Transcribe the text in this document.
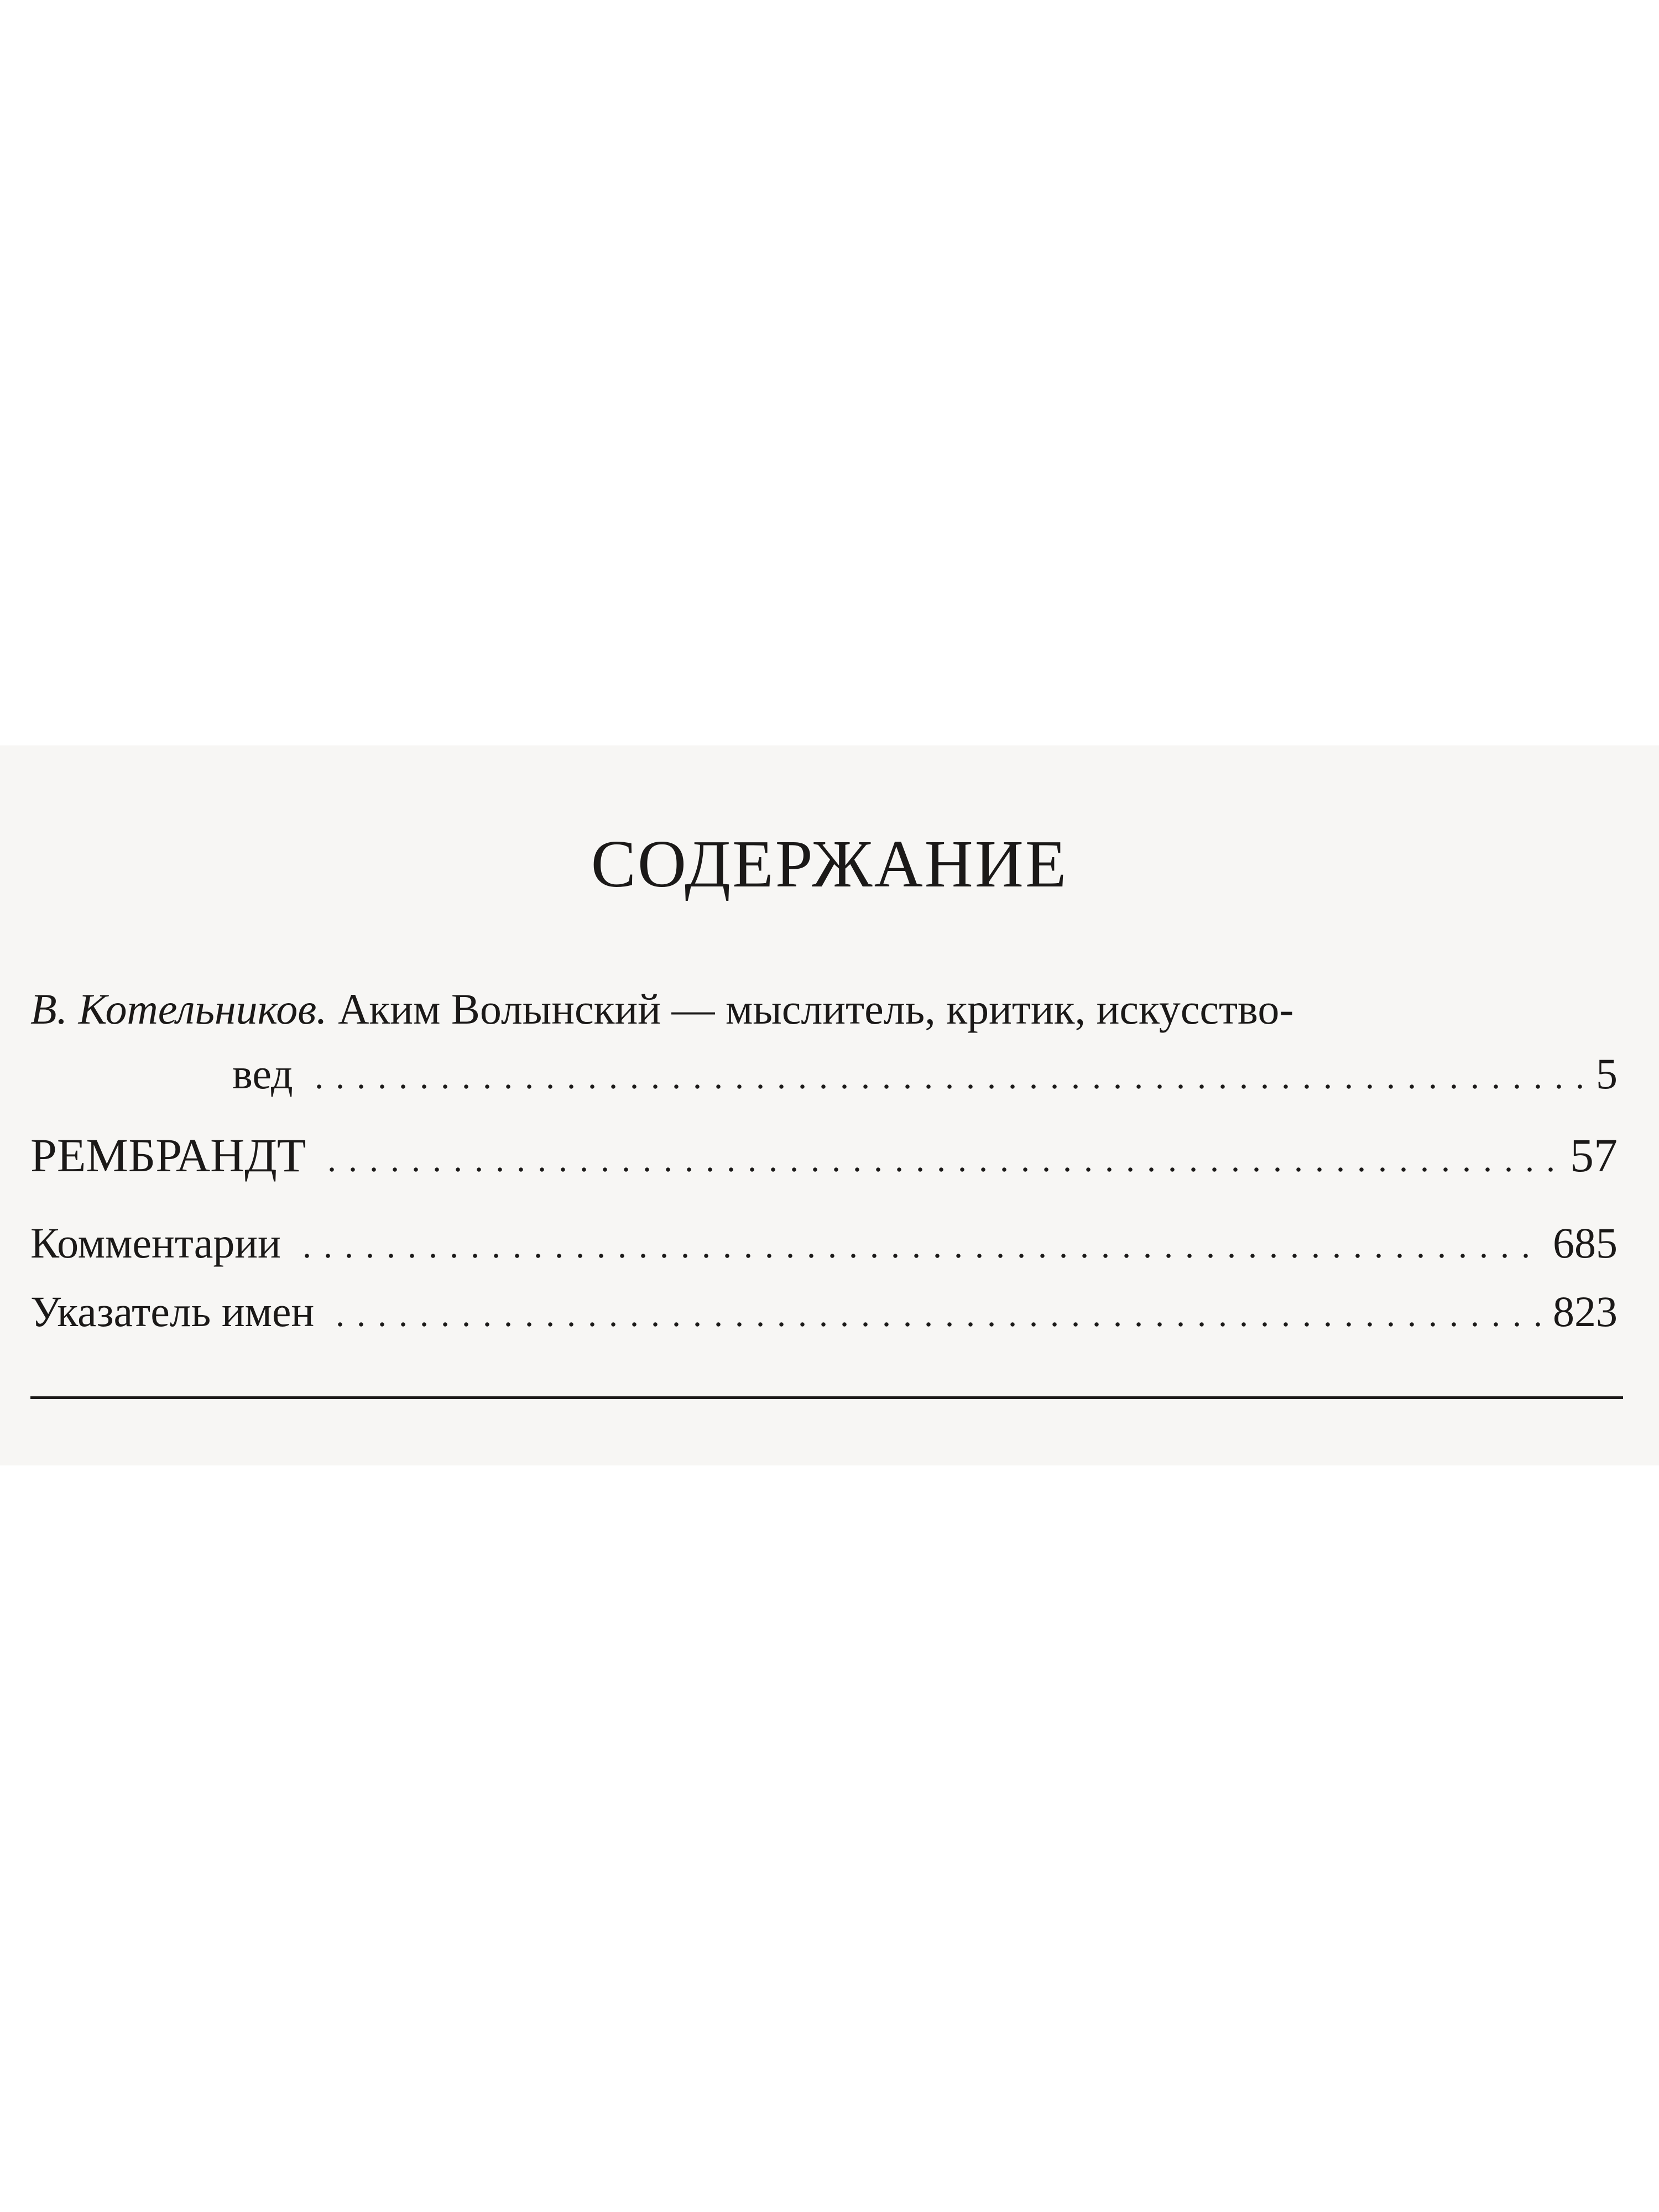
СОДЕРЖАНИЕ
В. Котельников.
Аким Волынский — мыслитель, критик, искусство-
вед	5
РЕМБРАНДТ	57
Комментарии	685
Указатель имен	823
